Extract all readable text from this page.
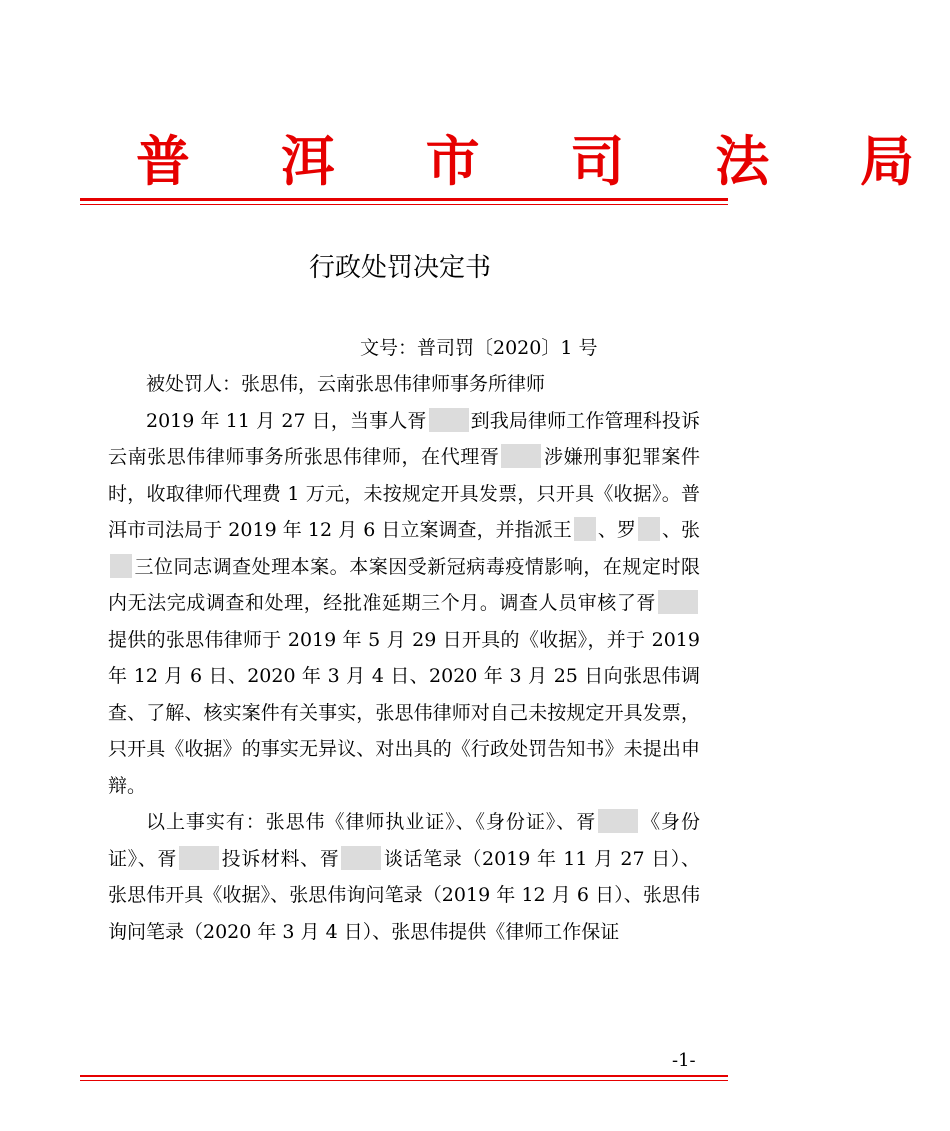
普 洱 市 司 法 局
行政处罚决定书
文号：普司罚〔2020〕1 号

被处罚人：张思伟，云南张思伟律师事务所律师

2019 年 11 月 27 日，当事人胥 到我局律师工作管理科投诉云南张思伟律师事务所张思伟律师，在代理胥 涉嫌刑事犯罪案件时，收取律师代理费 1 万元，未按规定开具发票，只开具《收据》。普洱市司法局于 2019 年 12 月 6 日立案调查，并指派王 、罗 、张三位同志调查处理本案。本案因受新冠病毒疫情影响，在规定时限内无法完成调查和处理，经批准延期三个月。调查人员审核了胥提供的张思伟律师于 2019 年 5 月 29 日开具的《收据》，并于 2019 年 12 月 6 日、2020 年 3 月 4 日、2020 年 3 月 25 日向张思伟调查、了解、核实案件有关事实，张思伟律师对自己未按规定开具发票，只开具《收据》的事实无异议、对出具的《行政处罚告知书》未提出申辩。

以上事实有：张思伟《律师执业证》、《身份证》、胥 《身份证》、胥 投诉材料、胥 谈话笔录（2019 年 11 月 27 日）、张思伟开具《收据》、张思伟询问笔录（2019 年 12 月 6 日）、张思伟询问笔录（2020 年 3 月 4 日）、张思伟提供《律师工作保证

-1-
